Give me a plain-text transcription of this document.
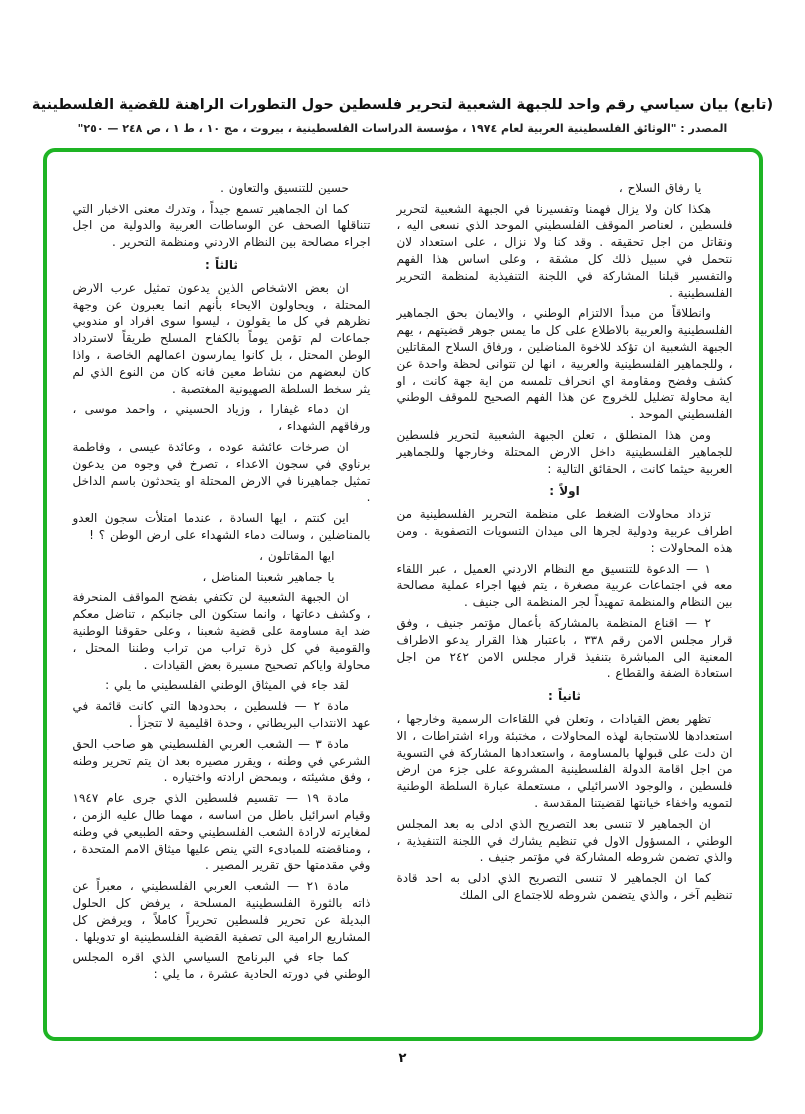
(تابع) بيان سياسي رقم واحد للجبهة الشعبية لتحرير فلسطين حول التطورات الراهنة للقضية الفلسطينية

المصدر : "الوثائق الفلسطينية العربية لعام ١٩٧٤ ، مؤسسة الدراسات الفلسطينية ، بيروت ، مج ١٠ ، ط ١ ، ص ٢٤٨ — ٢٥٠"

يا رفاق السلاح ،

هكذا كان ولا يزال فهمنا وتفسيرنا في الجبهة الشعبية لتحرير فلسطين ، لعناصر الموقف الفلسطيني الموحد الذي نسعى اليه ، ونقاتل من اجل تحقيقه . وقد كنا ولا نزال ، على استعداد لان نتحمل في سبيل ذلك كل مشقة ، وعلى اساس هذا الفهم والتفسير قبلنا المشاركة في اللجنة التنفيذية لمنظمة التحرير الفلسطينية .

وانطلاقاً من مبدأ الالتزام الوطني ، والايمان بحق الجماهير الفلسطينية والعربية بالاطلاع على كل ما يمس جوهر قضيتهم ، يهم الجبهة الشعبية ان تؤكد للاخوة المناضلين ، ورفاق السلاح المقاتلين ، وللجماهير الفلسطينية والعربية ، انها لن تتوانى لحظة واحدة عن كشف وفضح ومقاومة اي انحراف تلمسه من اية جهة كانت ، او اية محاولة تضليل للخروج عن هذا الفهم الصحيح للموقف الوطني الفلسطيني الموحد .

ومن هذا المنطلق ، تعلن الجبهة الشعبية لتحرير فلسطين للجماهير الفلسطينية داخل الارض المحتلة وخارجها وللجماهير العربية حيثما كانت ، الحقائق التالية :

اولاً :

تزداد محاولات الضغط على منظمة التحرير الفلسطينية من اطراف عربية ودولية لجرها الى ميدان التسويات التصفوية . ومن هذه المحاولات :

١ — الدعوة للتنسيق مع النظام الاردني العميل ، عبر اللقاء معه في اجتماعات عربية مصغرة ، يتم فيها اجراء عملية مصالحة بين النظام والمنظمة تمهيداً لجر المنظمة الى جنيف .

٢ — اقناع المنظمة بالمشاركة بأعمال مؤتمر جنيف ، وفق قرار مجلس الامن رقم ٣٣٨ ، باعتبار هذا القرار يدعو الاطراف المعنية الى المباشرة بتنفيذ قرار مجلس الامن ٢٤٢ من اجل استعادة الضفة والقطاع .

ثانياً :

تظهر بعض القيادات ، وتعلن في اللقاءات الرسمية وخارجها ، استعدادها للاستجابة لهذه المحاولات ، مختبئة وراء اشتراطات ، الا ان دلت على قبولها بالمساومة ، واستعدادها المشاركة في التسوية من اجل اقامة الدولة الفلسطينية المشروعة على جزء من ارض فلسطين ، والوجود الاسرائيلي ، مستعملة عبارة السلطة الوطنية لتمويه واخفاء خيانتها لقضيتنا المقدسة .

ان الجماهير لا تنسى بعد التصريح الذي ادلى به بعد المجلس الوطني ، المسؤول الاول في تنظيم يشارك في اللجنة التنفيذية ، والذي تضمن شروطه المشاركة في مؤتمر جنيف .

كما ان الجماهير لا تنسى التصريح الذي ادلى به احد قادة تنظيم آخر ، والذي يتضمن شروطه للاجتماع الى الملك

حسين للتنسيق والتعاون .

كما ان الجماهير تسمع جيداً ، وتدرك معنى الاخبار التي تتناقلها الصحف عن الوساطات العربية والدولية من اجل اجراء مصالحة بين النظام الاردني ومنظمة التحرير .

ثالثاً :

ان بعض الاشخاص الذين يدعون تمثيل عرب الارض المحتلة ، ويحاولون الايحاء بأنهم انما يعبرون عن وجهة نظرهم في كل ما يقولون ، ليسوا سوى افراد او مندوبي جماعات لم تؤمن يوماً بالكفاح المسلح طريقاً لاسترداد الوطن المحتل ، بل كانوا يمارسون اعمالهم الخاصة ، واذا كان لبعضهم من نشاط معين فانه كان من النوع الذي لم يثر سخط السلطة الصهيونية المغتصبة .

ان دماء غيفارا ، وزياد الحسيني ، واحمد موسى ، ورفاقهم الشهداء ،

ان صرخات عائشة عوده ، وعائدة عيسى ، وفاطمة برناوي في سجون الاعداء ، تصرخ في وجوه من يدعون تمثيل جماهيرنا في الارض المحتلة او يتحدثون باسم الداخل .

اين كنتم ، ايها السادة ، عندما امتلأت سجون العدو بالمناضلين ، وسالت دماء الشهداء على ارض الوطن ؟ !

ايها المقاتلون ،

يا جماهير شعبنا المناضل ،

ان الجبهة الشعبية لن تكتفي بفضح المواقف المنحرفة ، وكشف دعاتها ، وانما ستكون الى جانبكم ، تناضل معكم ضد اية مساومة على قضية شعبنا ، وعلى حقوقنا الوطنية والقومية في كل ذرة تراب من تراب وطننا المحتل ، محاولة واياكم تصحيح مسيرة بعض القيادات .

لقد جاء في الميثاق الوطني الفلسطيني ما يلي :

مادة ٢ — فلسطين ، بحدودها التي كانت قائمة في عهد الانتداب البريطاني ، وحدة اقليمية لا تتجزأ .

مادة ٣ — الشعب العربي الفلسطيني هو صاحب الحق الشرعي في وطنه ، ويقرر مصيره بعد ان يتم تحرير وطنه ، وفق مشيئته ، وبمحض ارادته واختياره .

مادة ١٩ — تقسيم فلسطين الذي جرى عام ١٩٤٧ وقيام اسرائيل باطل من اساسه ، مهما طال عليه الزمن ، لمغايرته لارادة الشعب الفلسطيني وحقه الطبيعي في وطنه ، ومناقضته للمبادىء التي ينص عليها ميثاق الامم المتحدة ، وفي مقدمتها حق تقرير المصير .

مادة ٢١ — الشعب العربي الفلسطيني ، معبراً عن ذاته بالثورة الفلسطينية المسلحة ، يرفض كل الحلول البديلة عن تحرير فلسطين تحريراً كاملاً ، ويرفض كل المشاريع الرامية الى تصفية القضية الفلسطينية او تدويلها .

كما جاء في البرنامج السياسي الذي اقره المجلس الوطني في دورته الحادية عشرة ، ما يلي :

٢
